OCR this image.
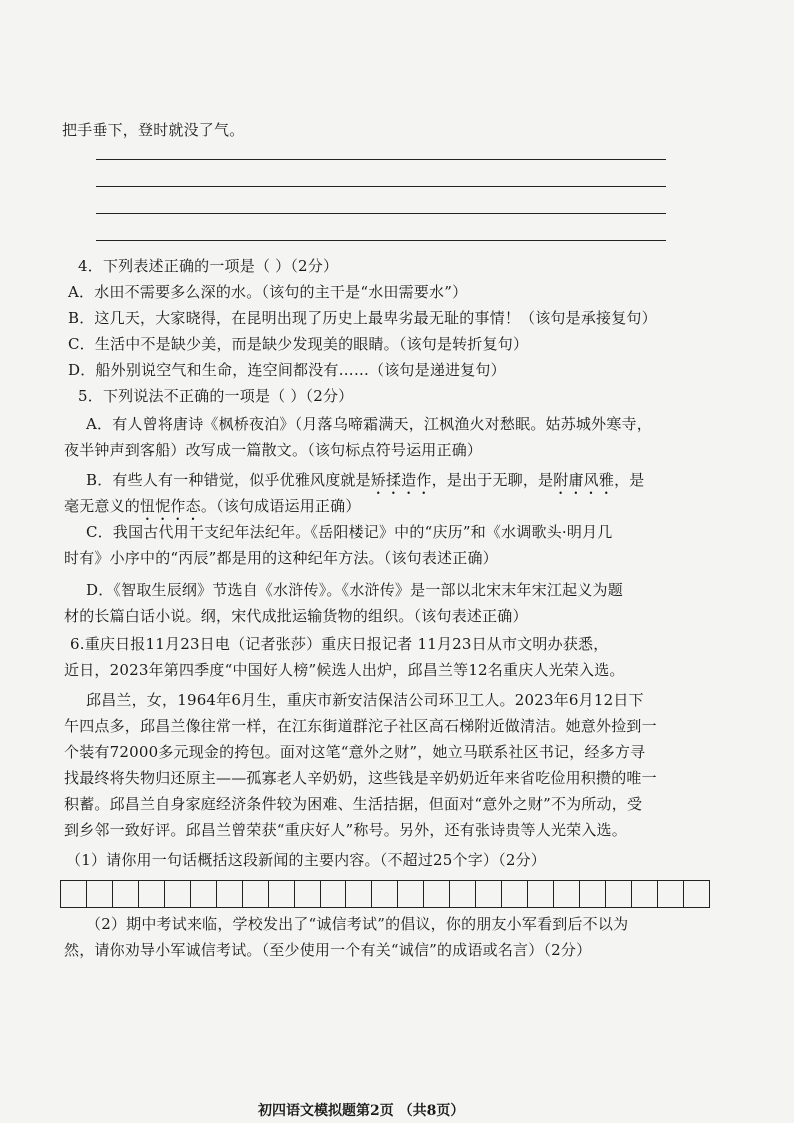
把手垂下，登时就没了气。
4．下列表述正确的一项是（ ）（2分）
A．水田不需要多么深的水。（该句的主干是“水田需要水”）
B．这几天，大家晓得，在昆明出现了历史上最卑劣最无耻的事情！（该句是承接复句）
C．生活中不是缺少美，而是缺少发现美的眼睛。（该句是转折复句）
D．船外别说空气和生命，连空间都没有……（该句是递进复句）
5．下列说法不正确的一项是（ ）（2分）
A．有人曾将唐诗《枫桥夜泊》（月落乌啼霜满天，江枫渔火对愁眠。姑苏城外寒寺，
夜半钟声到客船）改写成一篇散文。（该句标点符号运用正确）
B．有些人有一种错觉，似乎优雅风度就是矫揉造作，是出于无聊，是附庸风雅，是
毫无意义的忸怩作态。（该句成语运用正确）
C．我国古代用干支纪年法纪年。《岳阳楼记》中的“庆历”和《水调歌头·明月几
时有》小序中的“丙辰”都是用的这种纪年方法。（该句表述正确）
D．《智取生辰纲》节选自《水浒传》。《水浒传》是一部以北宋末年宋江起义为题
材的长篇白话小说。纲，宋代成批运输货物的组织。（该句表述正确）
6.重庆日报11月23日电（记者张莎）重庆日报记者 11月23日从市文明办获悉，
近日，2023年第四季度“中国好人榜”候选人出炉，邱昌兰等12名重庆人光荣入选。
邱昌兰，女，1964年6月生，重庆市新安洁保洁公司环卫工人。2023年6月12日下
午四点多，邱昌兰像往常一样，在江东街道群沱子社区高石梯附近做清洁。她意外捡到一
个装有72000多元现金的挎包。面对这笔“意外之财”，她立马联系社区书记，经多方寻
找最终将失物归还原主——孤寡老人辛奶奶，这些钱是辛奶奶近年来省吃俭用积攒的唯一
积蓄。邱昌兰自身家庭经济条件较为困难、生活拮据，但面对“意外之财”不为所动，受
到乡邻一致好评。邱昌兰曾荣获“重庆好人”称号。另外，还有张诗贵等人光荣入选。
（1）请你用一句话概括这段新闻的主要内容。（不超过25个字）（2分）
（2）期中考试来临，学校发出了“诚信考试”的倡议，你的朋友小军看到后不以为
然，请你劝导小军诚信考试。（至少使用一个有关“诚信”的成语或名言）（2分）
初四语文模拟题第2页 （共8页）
